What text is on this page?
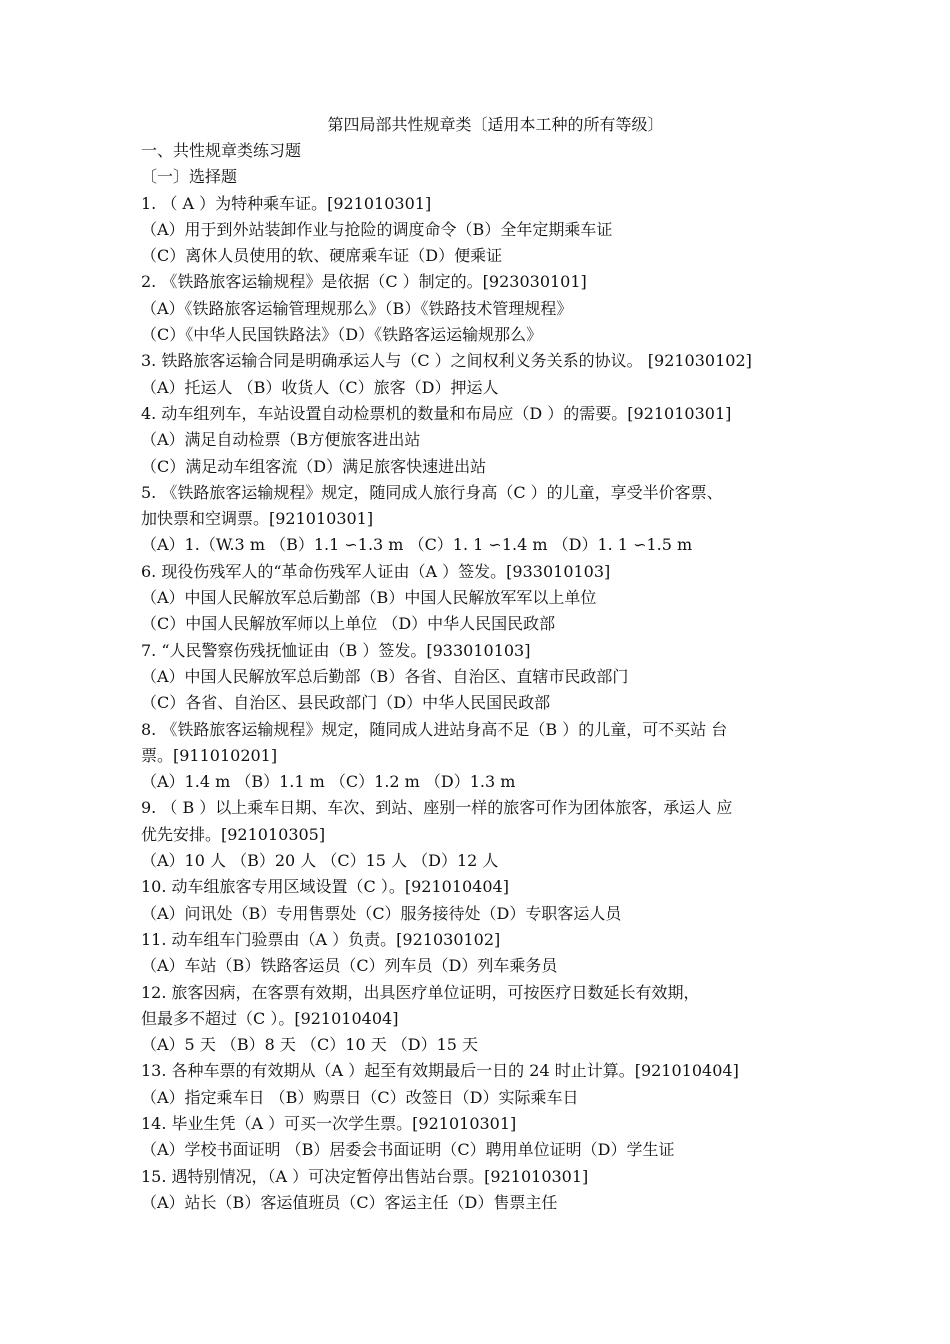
第四局部共性规章类〔适用本工种的所有等级〕
一、共性规章类练习题
〔一〕选择题
1. （ A ）为特种乘车证。[921010301]
（A）用于到外站装卸作业与抢险的调度命令（B）全年定期乘车证
（C）离休人员使用的软、硬席乘车证（D）便乘证
2. 《铁路旅客运输规程》是依据（C ）制定的。[923030101]
（A）《铁路旅客运输管理规那么》（B）《铁路技术管理规程》
（C）《中华人民国铁路法》（D）《铁路客运运输规那么》
3. 铁路旅客运输合同是明确承运人与（C ）之间权利义务关系的协议。 [921030102]
（A）托运人 （B）收货人（C）旅客（D）押运人
4. 动车组列车，车站设置自动检票机的数量和布局应（D ）的需要。[921010301]
（A）满足自动检票（B方便旅客进出站
（C）满足动车组客流（D）满足旅客快速进出站
5. 《铁路旅客运输规程》规定，随同成人旅行身高（C ）的儿童，享受半价客票、
加快票和空调票。[921010301]
（A）1.（W.3 m （B）1.1 ∽1.3 m （C）1. 1 ∽1.4 m （D）1. 1 ∽1.5 m
6. 现役伤残军人的“革命伤残军人证由（A ）签发。[933010103]
（A）中国人民解放军总后勤部（B）中国人民解放军军以上单位
（C）中国人民解放军师以上单位 （D）中华人民国民政部
7. “人民警察伤残抚恤证由（B ）签发。[933010103]
（A）中国人民解放军总后勤部（B）各省、自治区、直辖市民政部门
（C）各省、自治区、县民政部门（D）中华人民国民政部
8. 《铁路旅客运输规程》规定，随同成人进站身高不足（B ）的儿童，可不买站 台
票。[911010201]
（A）1.4 m （B）1.1 m （C）1.2 m （D）1.3 m
9. （ B ）以上乘车日期、车次、到站、座别一样的旅客可作为团体旅客，承运人 应
优先安排。[921010305]
（A）10 人 （B）20 人 （C）15 人 （D）12 人
10. 动车组旅客专用区域设置（C ）。[921010404]
（A）问讯处（B）专用售票处（C）服务接待处（D）专职客运人员
11. 动车组车门验票由（A ）负责。[921030102]
（A）车站（B）铁路客运员（C）列车员（D）列车乘务员
12. 旅客因病，在客票有效期，出具医疗单位证明，可按医疗日数延长有效期，
但最多不超过（C ）。[921010404]
（A）5 天 （B）8 天 （C）10 天 （D）15 天
13. 各种车票的有效期从（A ）起至有效期最后一日的 24 时止计算。[921010404]
（A）指定乘车日 （B）购票日（C）改签日（D）实际乘车日
14. 毕业生凭（A ）可买一次学生票。[921010301]
（A）学校书面证明 （B）居委会书面证明（C）聘用单位证明（D）学生证
15. 遇特别情况，（A ）可决定暂停出售站台票。[921010301]
（A）站长（B）客运值班员（C）客运主任（D）售票主任
